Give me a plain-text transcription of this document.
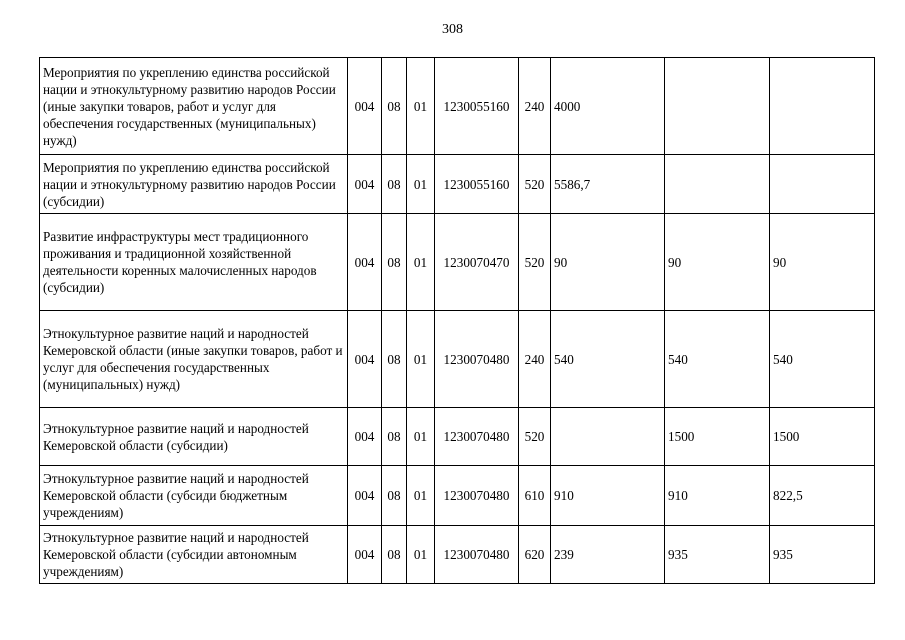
308
Мероприятия по укреплению единства российской нации и этнокультурному развитию народов России (иные закупки товаров, работ и услуг для обеспечения государственных (муниципальных) нужд)	004	08	01	1230055160	240	4000		
Мероприятия по укреплению единства российской нации и этнокультурному развитию народов России (субсидии)	004	08	01	1230055160	520	5586,7		
Развитие инфраструктуры мест традиционного проживания и традиционной хозяйственной деятельности коренных малочисленных народов (субсидии)	004	08	01	1230070470	520	90	90	90
Этнокультурное развитие наций и народностей Кемеровской области (иные закупки товаров, работ и услуг для обеспечения государственных (муниципальных) нужд)	004	08	01	1230070480	240	540	540	540
Этнокультурное развитие наций и народностей Кемеровской области (субсидии)	004	08	01	1230070480	520		1500	1500
Этнокультурное развитие наций и народностей Кемеровской области (субсиди бюджетным учреждениям)	004	08	01	1230070480	610	910	910	822,5
Этнокультурное развитие наций и народностей Кемеровской области (субсидии автономным учреждениям)	004	08	01	1230070480	620	239	935	935
